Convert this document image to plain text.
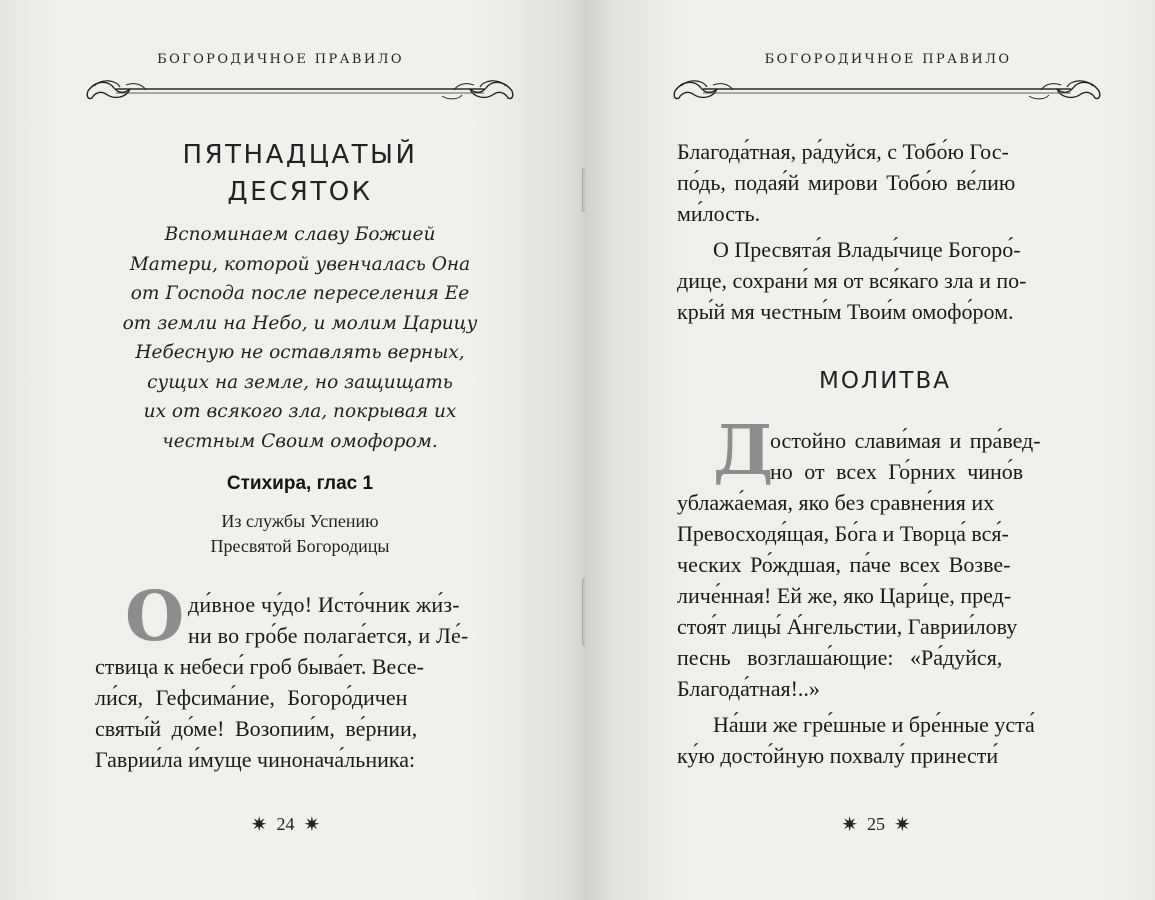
БОГОРОДИЧНОЕ ПРАВИЛО
ПЯТНАДЦАТЫЙ
ДЕСЯТОК
Вспоминаем славу Божией
Матери, которой увенчалась Она
от Господа после переселения Ее
от земли на Небо, и молим Царицу
Небесную не оставлять верных,
сущих на земле, но защищать
их от всякого зла, покрывая их
честным Своим омофором.
Стихира, глас 1
Из службы Успению
Пресвятой Богородицы
О ди́вное чу́до! Исто́чник жи́з-
ни во гро́бе полага́ется, и Ле́-
ствица к небеси́ гроб быва́ет. Весе-
ли́ся, Гефсима́ние, Богоро́дичен
святы́й до́ме! Возопии́м, ве́рнии,
Гаврии́ла и́муще чинонача́льника:
✷ 24 ✷
БОГОРОДИЧНОЕ ПРАВИЛО
Благода́тная, ра́дуйся, с Тобо́ю Гос-
по́дь, подая́й мирови Тобо́ю ве́лию
ми́лость.
О Пресвята́я Влады́чице Богоро́-
дице, сохрани́ мя от вся́каго зла и по-
кры́й мя честны́м Твои́м омофо́ром.
МОЛИТВА
Д
остойно слави́мая и пра́вед-
но от всех Го́рних чино́в
ублажа́емая, яко без сравне́ния их
Превосходя́щая, Бо́га и Творца́ вся́-
ческих Ро́ждшая, па́че всех Возве-
личе́нная! Ей же, яко Цари́це, пред-
стоя́т лицы́ А́нгельстии, Гаврии́лову
песнь возглаша́ющие: «Ра́дуйся,
Благода́тная!..»
На́ши же гре́шные и бре́нные уста́
ку́ю досто́йную похвалу́ принести́
✷ 25 ✷
